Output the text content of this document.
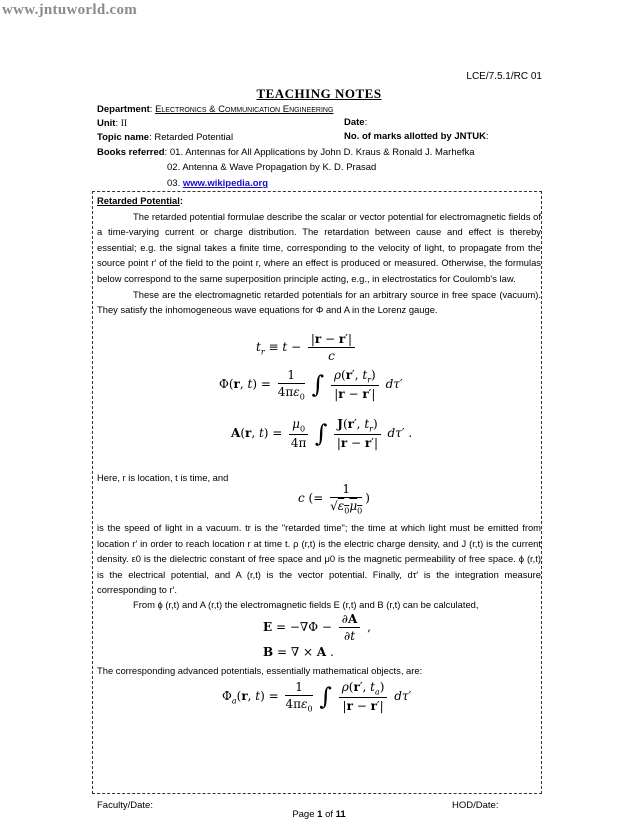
www.jntuworld.com
LCE/7.5.1/RC 01
TEACHING NOTES
Department: Electronics & Communication Engineering
Unit: II	Date:
Topic name: Retarded Potential	No. of marks allotted by JNTUK:
Books referred: 01. Antennas for All Applications by John D. Kraus & Ronald J. Marhefka
02. Antenna & Wave Propagation by K. D. Prasad
03. www.wikipedia.org
Retarded Potential:
The retarded potential formulae describe the scalar or vector potential for electromagnetic fields of a time-varying current or charge distribution. The retardation between cause and effect is thereby essential; e.g. the signal takes a finite time, corresponding to the velocity of light, to propagate from the source point r′ of the field to the point r, where an effect is produced or measured. Otherwise, the formulas below correspond to the same superposition principle acting, e.g., in electrostatics for Coulomb's law.
These are the electromagnetic retarded potentials for an arbitrary source in free space (vacuum). They satisfy the inhomogeneous wave equations for Φ and A in the Lorenz gauge.
$t_r \equiv t - \frac{|r - r'|}{c}$
Φ(r, $t) = \frac{1}{4\pi\varepsilon_0}$ ∫ $\frac{\rho(r', t_r)}{|r - r'|} d\tau'$
A(r, $t) = \frac{\mu_0}{4\pi}$ ∫ $\frac{J(r', t_r)}{|r - r'|} d\tau'$ .
Here, r is location, t is time, and
c (= $\frac{1}{√\varepsilon_0\mu_0}$ )
is the speed of light in a vacuum. tr is the "retarded time"; the time at which light must be emitted from location r′ in order to reach location r at time t. ρ (r,t) is the electric charge density, and J (r,t) is the current density. ε0 is the dielectric constant of free space and μ0 is the magnetic permeability of free space. ϕ (r,t) is the electrical potential, and A (r,t) is the vector potential. Finally, dτ′ is the integration measure corresponding to r′.
From ϕ (r,t) and A (r,t) the electromagnetic fields E (r,t) and B (r,t) can be calculated,
$E = -\nabla\Phi - \frac{\partial A}{\partial t}$ ,
B = ∇ × A .
The corresponding advanced potentials, essentially mathematical objects, are:
$\Phi_a(r$, $t) = \frac{1}{4\pi\varepsilon_0}$ ∫ $\frac{\rho(r', t_a)}{|r - r'|} d\tau'$
Faculty/Date:	HOD/Date:
Page 1 of 11
